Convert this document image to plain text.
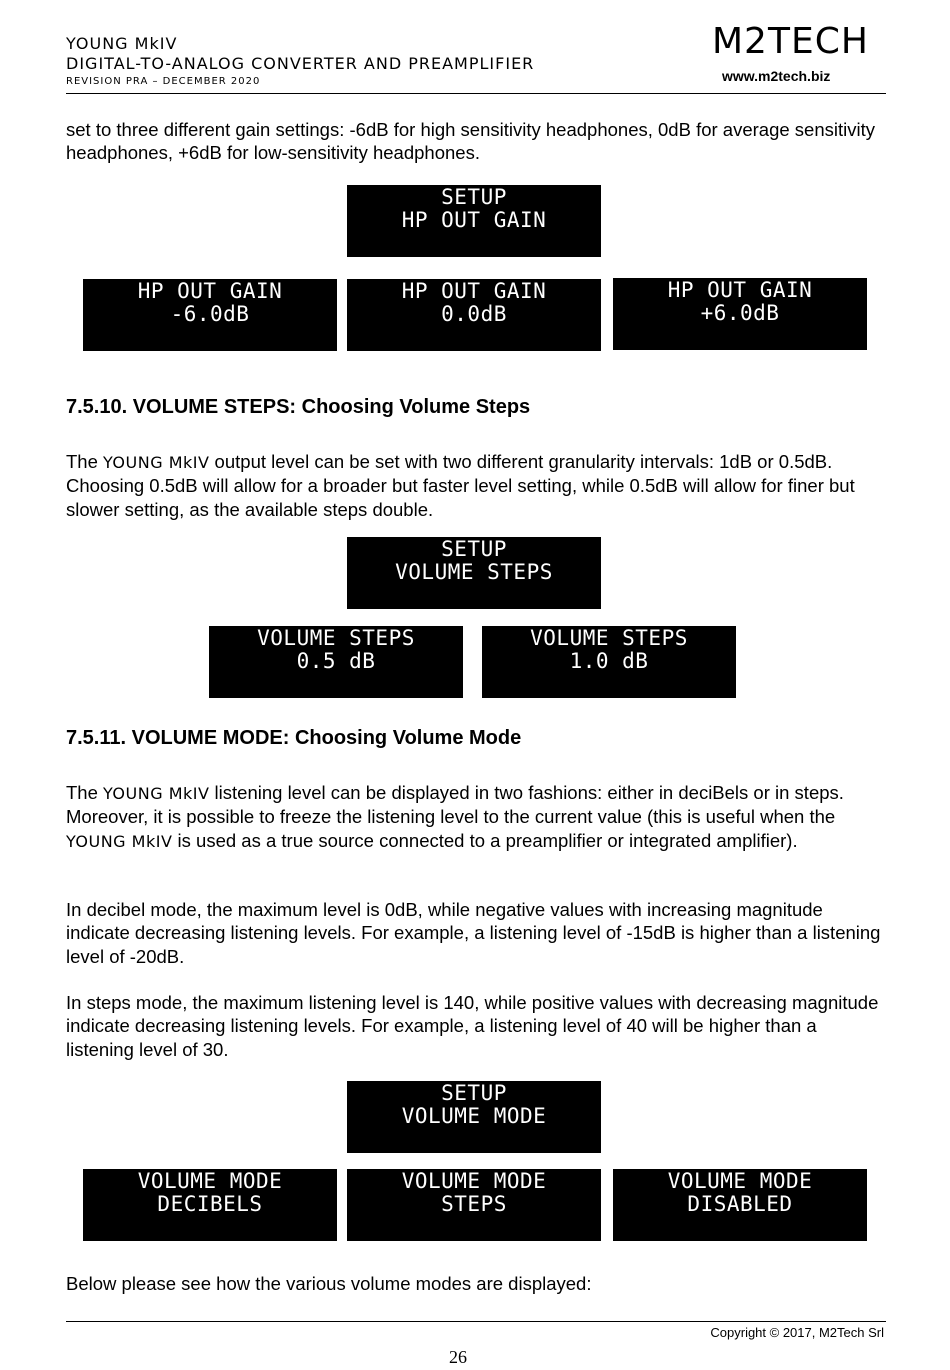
YOUNG MkIV
DIGITAL-TO-ANALOG CONVERTER AND PREAMPLIFIER
REVISION PRA – DECEMBER 2020
M2TECH
www.m2tech.biz

set to three different gain settings: -6dB for high sensitivity headphones, 0dB for average sensitivity headphones, +6dB for low-sensitivity headphones.

SETUP
HP OUT GAIN
HP OUT GAIN
-6.0dB
HP OUT GAIN
0.0dB
HP OUT GAIN
+6.0dB
7.5.10. VOLUME STEPS: Choosing Volume Steps

The YOUNG MkIV output level can be set with two different granularity intervals: 1dB or 0.5dB. Choosing 0.5dB will allow for a broader but faster level setting, while 0.5dB will allow for finer but slower setting, as the available steps double.

SETUP
VOLUME STEPS
VOLUME STEPS
0.5 dB
VOLUME STEPS
1.0 dB
7.5.11. VOLUME MODE: Choosing Volume Mode

The YOUNG MkIV listening level can be displayed in two fashions: either in deciBels or in steps. Moreover, it is possible to freeze the listening level to the current value (this is useful when the YOUNG MkIV is used as a true source connected to a preamplifier or integrated amplifier).

In decibel mode, the maximum level is 0dB, while negative values with increasing magnitude indicate decreasing listening levels. For example, a listening level of -15dB is higher than a listening level of -20dB.

In steps mode, the maximum listening level is 140, while positive values with decreasing magnitude indicate decreasing listening levels. For example, a listening level of 40 will be higher than a listening level of 30.

SETUP
VOLUME MODE
VOLUME MODE
DECIBELS
VOLUME MODE
STEPS
VOLUME MODE
DISABLED

Below please see how the various volume modes are displayed:

Copyright © 2017, M2Tech Srl
26
